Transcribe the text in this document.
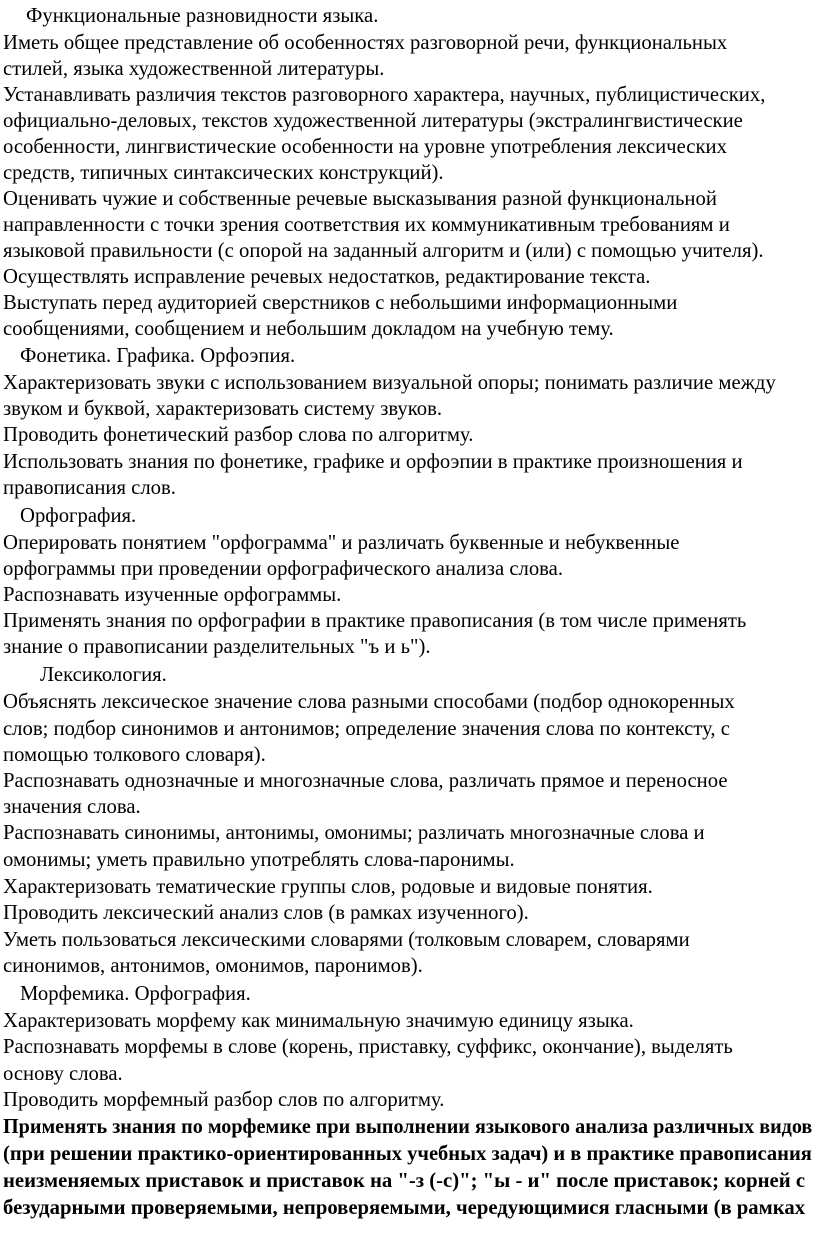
Функциональные разновидности языка.
Иметь общее представление об особенностях разговорной речи, функциональных
стилей, языка художественной литературы.
Устанавливать различия текстов разговорного характера, научных, публицистических,
официально-деловых, текстов художественной литературы (экстралингвистические
особенности, лингвистические особенности на уровне употребления лексических
средств, типичных синтаксических конструкций).
Оценивать чужие и собственные речевые высказывания разной функциональной
направленности с точки зрения соответствия их коммуникативным требованиям и
языковой правильности (с опорой на заданный алгоритм и (или) с помощью учителя).
Осуществлять исправление речевых недостатков, редактирование текста.
Выступать перед аудиторией сверстников с небольшими информационными
сообщениями, сообщением и небольшим докладом на учебную тему.
Фонетика. Графика. Орфоэпия.
Характеризовать звуки с использованием визуальной опоры; понимать различие между
звуком и буквой, характеризовать систему звуков.
Проводить фонетический разбор слова по алгоритму.
Использовать знания по фонетике, графике и орфоэпии в практике произношения и
правописания слов.
Орфография.
Оперировать понятием "орфограмма" и различать буквенные и небуквенные
орфограммы при проведении орфографического анализа слова.
Распознавать изученные орфограммы.
Применять знания по орфографии в практике правописания (в том числе применять
знание о правописании разделительных "ъ и ь").
Лексикология.
Объяснять лексическое значение слова разными способами (подбор однокоренных
слов; подбор синонимов и антонимов; определение значения слова по контексту, с
помощью толкового словаря).
Распознавать однозначные и многозначные слова, различать прямое и переносное
значения слова.
Распознавать синонимы, антонимы, омонимы; различать многозначные слова и
омонимы; уметь правильно употреблять слова-паронимы.
Характеризовать тематические группы слов, родовые и видовые понятия.
Проводить лексический анализ слов (в рамках изученного).
Уметь пользоваться лексическими словарями (толковым словарем, словарями
синонимов, антонимов, омонимов, паронимов).
Морфемика. Орфография.
Характеризовать морфему как минимальную значимую единицу языка.
Распознавать морфемы в слове (корень, приставку, суффикс, окончание), выделять
основу слова.
Проводить морфемный разбор слов по алгоритму.
Применять знания по морфемике при выполнении языкового анализа различных видов
(при решении практико-ориентированных учебных задач) и в практике правописания
неизменяемых приставок и приставок на "-з (-с)"; "ы - и" после приставок; корней с
безударными проверяемыми, непроверяемыми, чередующимися гласными (в рамках
